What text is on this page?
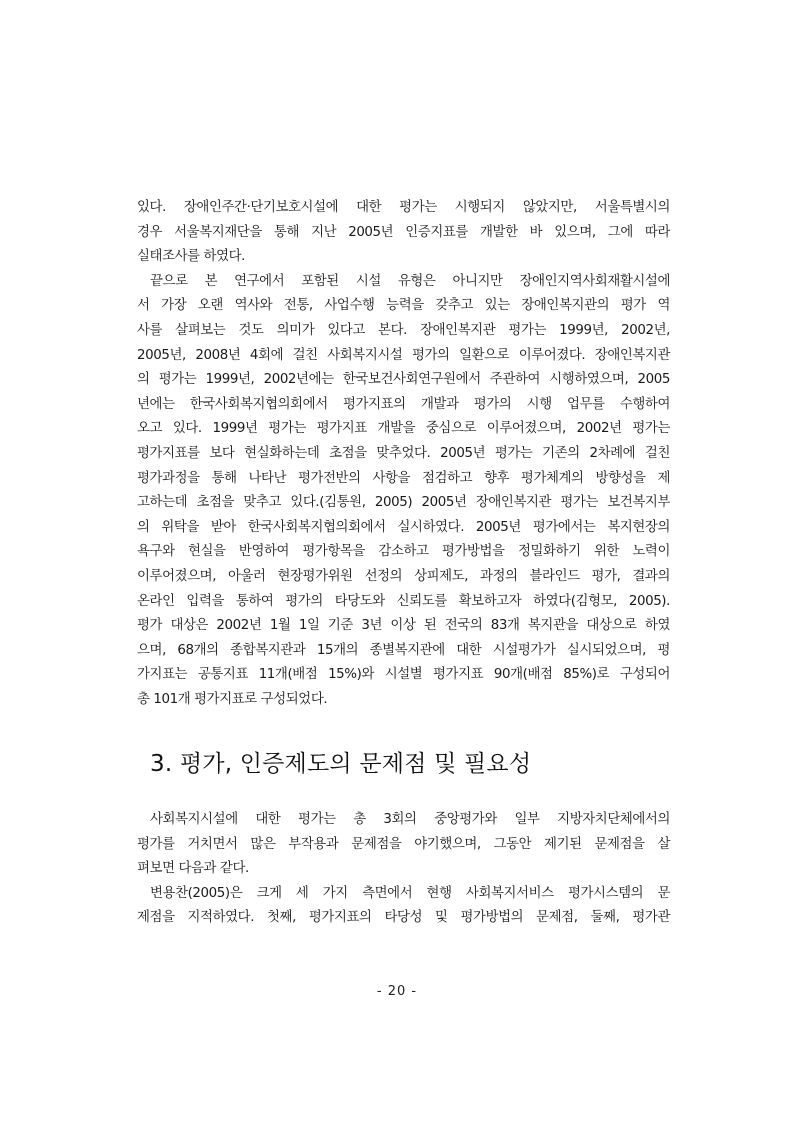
있다. 장애인주간‧단기보호시설에 대한 평가는 시행되지 않았지만, 서울특별시의
경우 서울복지재단을 통해 지난 2005년 인증지표를 개발한 바 있으며, 그에 따라
실태조사를 하였다.
끝으로 본 연구에서 포함된 시설 유형은 아니지만 장애인지역사회재활시설에
서 가장 오랜 역사와 전통, 사업수행 능력을 갖추고 있는 장애인복지관의 평가 역
사를 살펴보는 것도 의미가 있다고 본다. 장애인복지관 평가는 1999년, 2002년,
2005년, 2008년 4회에 걸친 사회복지시설 평가의 일환으로 이루어졌다. 장애인복지관
의 평가는 1999년, 2002년에는 한국보건사회연구원에서 주관하여 시행하였으며, 2005
년에는 한국사회복지협의회에서 평가지표의 개발과 평가의 시행 업무를 수행하여
오고 있다. 1999년 평가는 평가지표 개발을 중심으로 이루어졌으며, 2002년 평가는
평가지표를 보다 현실화하는데 초점을 맞추었다. 2005년 평가는 기존의 2차례에 걸친
평가과정을 통해 나타난 평가전반의 사항을 점검하고 향후 평가체계의 방향성을 제
고하는데 초점을 맞추고 있다.(김통원, 2005) 2005년 장애인복지관 평가는 보건복지부
의 위탁을 받아 한국사회복지협의회에서 실시하였다. 2005년 평가에서는 복지현장의
욕구와 현실을 반영하여 평가항목을 감소하고 평가방법을 정밀화하기 위한 노력이
이루어졌으며, 아울러 현장평가위원 선정의 상피제도, 과정의 블라인드 평가, 결과의
온라인 입력을 통하여 평가의 타당도와 신뢰도를 확보하고자 하였다(김형모, 2005).
평가 대상은 2002년 1월 1일 기준 3년 이상 된 전국의 83개 복지관을 대상으로 하였
으며, 68개의 종합복지관과 15개의 종별복지관에 대한 시설평가가 실시되었으며, 평
가지표는 공통지표 11개(배점 15%)와 시설별 평가지표 90개(배점 85%)로 구성되어
총 101개 평가지표로 구성되었다.
3. 평가, 인증제도의 문제점 및 필요성
사회복지시설에 대한 평가는 총 3회의 중앙평가와 일부 지방자치단체에서의
평가를 거치면서 많은 부작용과 문제점을 야기했으며, 그동안 제기된 문제점을 살
펴보면 다음과 같다.
변용찬(2005)은 크게 세 가지 측면에서 현행 사회복지서비스 평가시스템의 문
제점을 지적하였다. 첫째, 평가지표의 타당성 및 평가방법의 문제점, 둘째, 평가관
- 20 -
